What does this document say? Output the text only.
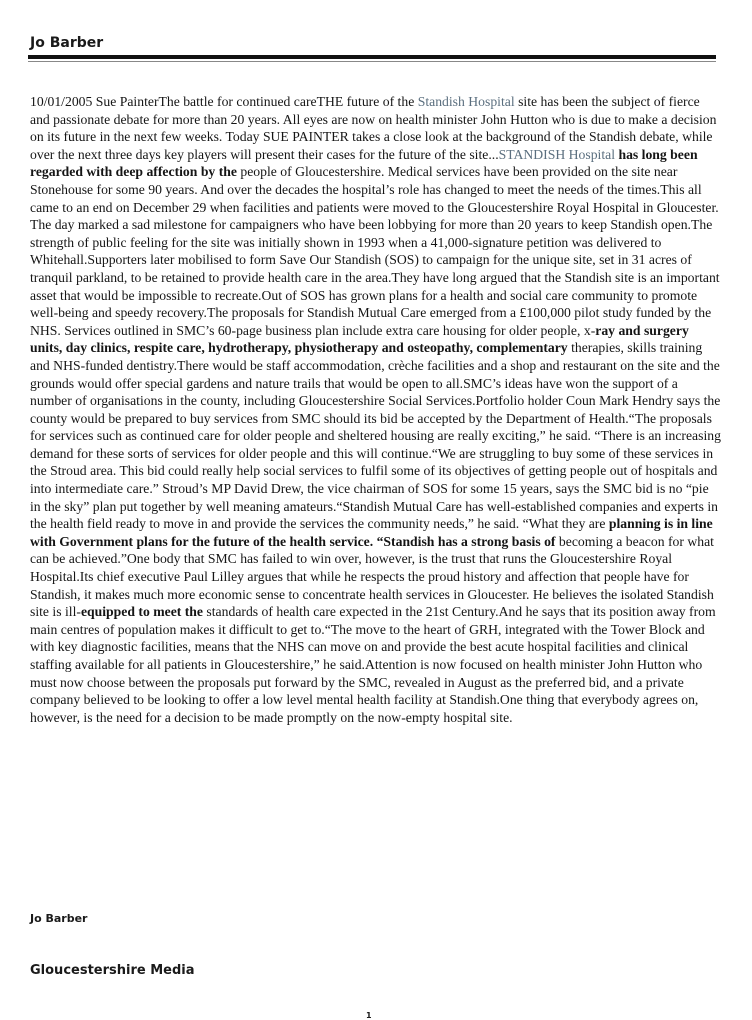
Jo Barber
10/01/2005 Sue PainterThe battle for continued careTHE future of the Standish Hospital site has been the subject of fierce and passionate debate for more than 20 years. All eyes are now on health minister John Hutton who is due to make a decision on its future in the next few weeks. Today SUE PAINTER takes a close look at the background of the Standish debate, while over the next three days key players will present their cases for the future of the site...STANDISH Hospital has long been regarded with deep affection by the people of Gloucestershire. Medical services have been provided on the site near Stonehouse for some 90 years. And over the decades the hospital’s role has changed to meet the needs of the times.This all came to an end on December 29 when facilities and patients were moved to the Gloucestershire Royal Hospital in Gloucester. The day marked a sad milestone for campaigners who have been lobbying for more than 20 years to keep Standish open.The strength of public feeling for the site was initially shown in 1993 when a 41,000-signature petition was delivered to Whitehall.Supporters later mobilised to form Save Our Standish (SOS) to campaign for the unique site, set in 31 acres of tranquil parkland, to be retained to provide health care in the area.They have long argued that the Standish site is an important asset that would be impossible to recreate.Out of SOS has grown plans for a health and social care community to promote well-being and speedy recovery.The proposals for Standish Mutual Care emerged from a £100,000 pilot study funded by the NHS. Services outlined in SMC’s 60-page business plan include extra care housing for older people, x-ray and surgery units, day clinics, respite care, hydrotherapy, physiotherapy and osteopathy, complementary therapies, skills training and NHS-funded dentistry.There would be staff accommodation, crèche facilities and a shop and restaurant on the site and the grounds would offer special gardens and nature trails that would be open to all.SMC’s ideas have won the support of a number of organisations in the county, including Gloucestershire Social Services.Portfolio holder Coun Mark Hendry says the county would be prepared to buy services from SMC should its bid be accepted by the Department of Health.“The proposals for services such as continued care for older people and sheltered housing are really exciting,” he said. “There is an increasing demand for these sorts of services for older people and this will continue.“We are struggling to buy some of these services in the Stroud area. This bid could really help social services to fulfil some of its objectives of getting people out of hospitals and into intermediate care.” Stroud’s MP David Drew, the vice chairman of SOS for some 15 years, says the SMC bid is no “pie in the sky” plan put together by well meaning amateurs.“Standish Mutual Care has well-established companies and experts in the health field ready to move in and provide the services the community needs,” he said. “What they are planning is in line with Government plans for the future of the health service. “Standish has a strong basis of becoming a beacon for what can be achieved.”One body that SMC has failed to win over, however, is the trust that runs the Gloucestershire Royal Hospital.Its chief executive Paul Lilley argues that while he respects the proud history and affection that people have for Standish, it makes much more economic sense to concentrate health services in Gloucester. He believes the isolated Standish site is ill-equipped to meet the standards of health care expected in the 21st Century.And he says that its position away from main centres of population makes it difficult to get to.“The move to the heart of GRH, integrated with the Tower Block and with key diagnostic facilities, means that the NHS can move on and provide the best acute hospital facilities and clinical staffing available for all patients in Gloucestershire,” he said.Attention is now focused on health minister John Hutton who must now choose between the proposals put forward by the SMC, revealed in August as the preferred bid, and a private company believed to be looking to offer a low level mental health facility at Standish.One thing that everybody agrees on, however, is the need for a decision to be made promptly on the now-empty hospital site.
Jo Barber
Gloucestershire Media
1
